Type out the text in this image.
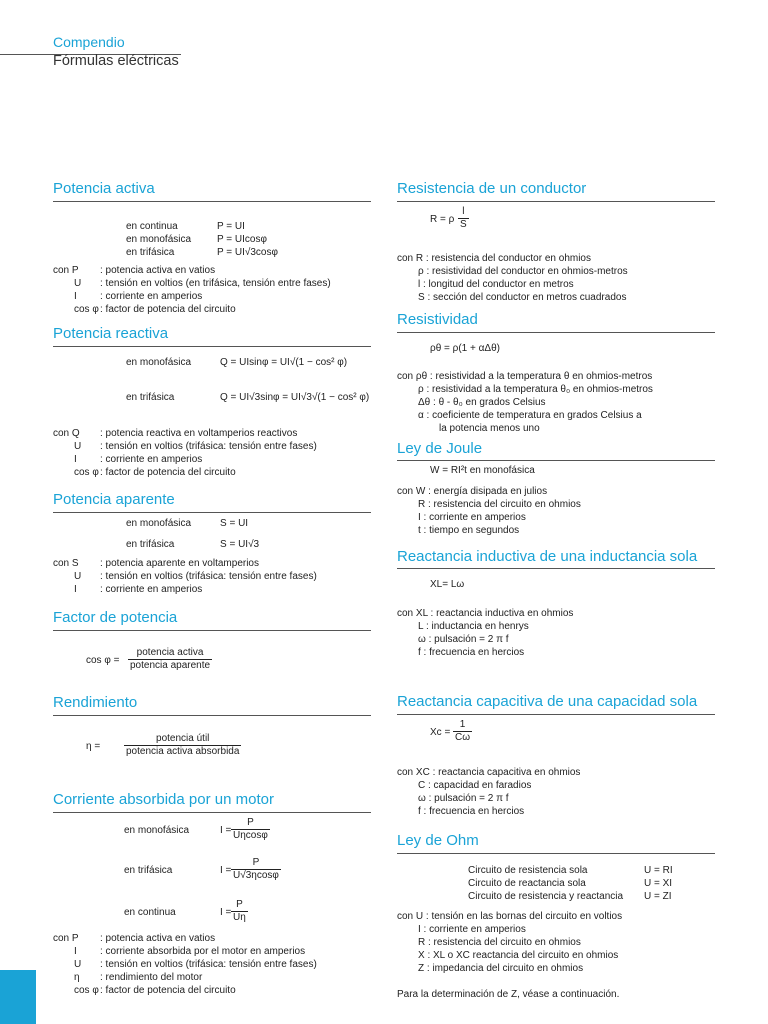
Compendio
Fórmulas eléctricas
Potencia activa
en continua	P = UI
en monofásica	P = UIcosφ
en trifásica	P = UI√3cosφ
con P : potencia activa en vatios
U : tensión en voltios (en trifásica, tensión entre fases)
I : corriente en amperios
cos φ : factor de potencia del circuito
Potencia reactiva
en monofásica	Q = UIsinφ = UI√(1 − cos² φ)
en trifásica	Q = UI√3sinφ = UI√3√(1 − cos² φ)
con Q : potencia reactiva en voltamperios reactivos
U : tensión en voltios (trifásica: tensión entre fases)
I : corriente en amperios
cos φ : factor de potencia del circuito
Potencia aparente
en monofásica	S = UI
en trifásica	S = UI√3
con S : potencia aparente en voltamperios
U : tensión en voltios (trifásica: tensión entre fases)
I : corriente en amperios
Factor de potencia
$\cos \varphi = \frac{\text{potencia activa}}{\text{potencia aparente}}$
Rendimiento
$\eta = \frac{\text{potencia útil}}{\text{potencia activa absorbida}}$
Corriente absorbida por un motor
en monofásica	$I = \frac{P}{U\eta\cos\varphi}$
en trifásica	$I = \frac{P}{U√3\eta\cos\varphi}$
en continua	$I = \frac{P}{U\eta}$
con P : potencia activa en vatios
I : corriente absorbida por el motor en amperios
U : tensión en voltios (trifásica: tensión entre fases)
η : rendimiento del motor
cos φ : factor de potencia del circuito
Resistencia de un conductor
R = ρ $\frac{l}{S}$
con R : resistencia del conductor en ohmios
ρ : resistividad del conductor en ohmios-metros
l : longitud del conductor en metros
S : sección del conductor en metros cuadrados
Resistividad
ρθ = ρ(1 + αΔθ)
con ρθ : resistividad a la temperatura θ en ohmios-metros
ρ : resistividad a la temperatura θ₀ en ohmios-metros
Δθ : θ - θ₀ en grados Celsius
α : coeficiente de temperatura en grados Celsius a
la potencia menos uno
Ley de Joule
W = RI²t en monofásica
con W : energía disipada en julios
R : resistencia del circuito en ohmios
I : corriente en amperios
t : tiempo en segundos
Reactancia inductiva de una inductancia sola
XL= Lω
con XL : reactancia inductiva en ohmios
L : inductancia en henrys
ω : pulsación = 2 π f
f : frecuencia en hercios
Reactancia capacitiva de una capacidad sola
$Xc = \frac{1}{C\omega}$
con XC : reactancia capacitiva en ohmios
C : capacidad en faradios
ω : pulsación = 2 π f
f : frecuencia en hercios
Ley de Ohm
Circuito de resistencia sola	U = RI
Circuito de reactancia sola	U = XI
Circuito de resistencia y reactancia U = ZI
con U : tensión en las bornas del circuito en voltios
I : corriente en amperios
R : resistencia del circuito en ohmios
X : XL o XC reactancia del circuito en ohmios
Z : impedancia del circuito en ohmios
Para la determinación de Z, véase a continuación.
